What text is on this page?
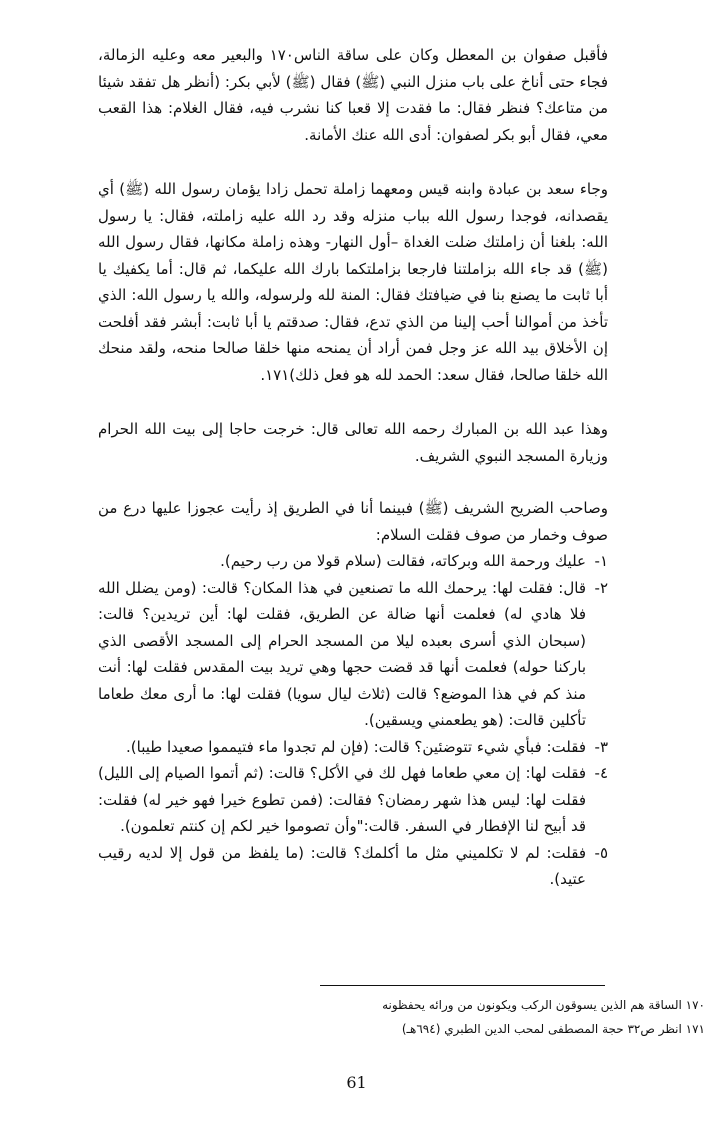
فأقبل صفوان بن المعطل وكان على ساقة الناس١٧٠ والبعير معه وعليه الزمالة، فجاء حتى أناخ على باب منزل النبي (ﷺ) فقال (ﷺ) لأبي بكر: (أنظر هل تفقد شيئا من متاعك؟ فنظر فقال: ما فقدت إلا قعبا كنا نشرب فيه، فقال الغلام: هذا القعب معي، فقال أبو بكر لصفوان: أدى الله عنك الأمانة.

وجاء سعد بن عبادة وابنه قيس ومعهما زاملة تحمل زادا يؤمان رسول الله (ﷺ) أي يقصدانه، فوجدا رسول الله بباب منزله وقد رد الله عليه زاملته، فقال: يا رسول الله: بلغنا أن زاملتك ضلت الغداة –أول النهار- وهذه زاملة مكانها، فقال رسول الله (ﷺ) قد جاء الله بزاملتنا فارجعا بزاملتكما بارك الله عليكما، ثم قال: أما يكفيك يا أبا ثابت ما يصنع بنا في ضيافتك فقال: المنة لله ولرسوله، والله يا رسول الله: الذي تأخذ من أموالنا أحب إلينا من الذي تدع، فقال: صدقتم يا أبا ثابت: أبشر فقد أفلحت إن الأخلاق بيد الله عز وجل فمن أراد أن يمنحه منها خلقا صالحا منحه، ولقد منحك الله خلقا صالحا، فقال سعد: الحمد لله هو فعل ذلك)١٧١.

وهذا عبد الله بن المبارك رحمه الله تعالى قال: خرجت حاجا إلى بيت الله الحرام وزيارة المسجد النبوي الشريف.

وصاحب الضريح الشريف (ﷺ) فبينما أنا في الطريق إذ رأيت عجوزا عليها درع من صوف وخمار من صوف فقلت السلام:

١-
عليك ورحمة الله وبركاته، فقالت (سلام قولا من رب رحيم).
٢-
قال: فقلت لها: يرحمك الله ما تصنعين في هذا المكان؟ قالت: (ومن يضلل الله فلا هادي له) فعلمت أنها ضالة عن الطريق، فقلت لها: أين تريدين؟ قالت: (سبحان الذي أسرى بعبده ليلا من المسجد الحرام إلى المسجد الأقصى الذي باركنا حوله) فعلمت أنها قد قضت حجها وهي تريد بيت المقدس فقلت لها: أنت منذ كم في هذا الموضع؟ قالت (ثلاث ليال سويا) فقلت لها: ما أرى معك طعاما تأكلين قالت: (هو يطعمني ويسقين).
٣-
فقلت: فبأي شيء تتوضئين؟ قالت: (فإن لم تجدوا ماء فتيمموا صعيدا طيبا).
٤-
فقلت لها: إن معي طعاما فهل لك في الأكل؟ قالت: (ثم أتموا الصيام إلى الليل) فقلت لها: ليس هذا شهر رمضان؟ فقالت: (فمن تطوع خيرا فهو خير له) فقلت: قد أبيح لنا الإفطار في السفر. قالت:"وأن تصوموا خير لكم إن كنتم تعلمون).
٥-
فقلت: لم لا تكلميني مثل ما أكلمك؟ قالت: (ما يلفظ من قول إلا لديه رقيب عتيد).

١٧٠ الساقة هم الذين يسوقون الركب ويكونون من ورائه يحفظونه

١٧١ انظر ص٣٢ حجة المصطفى لمحب الدين الطبري (٦٩٤هـ)

61
